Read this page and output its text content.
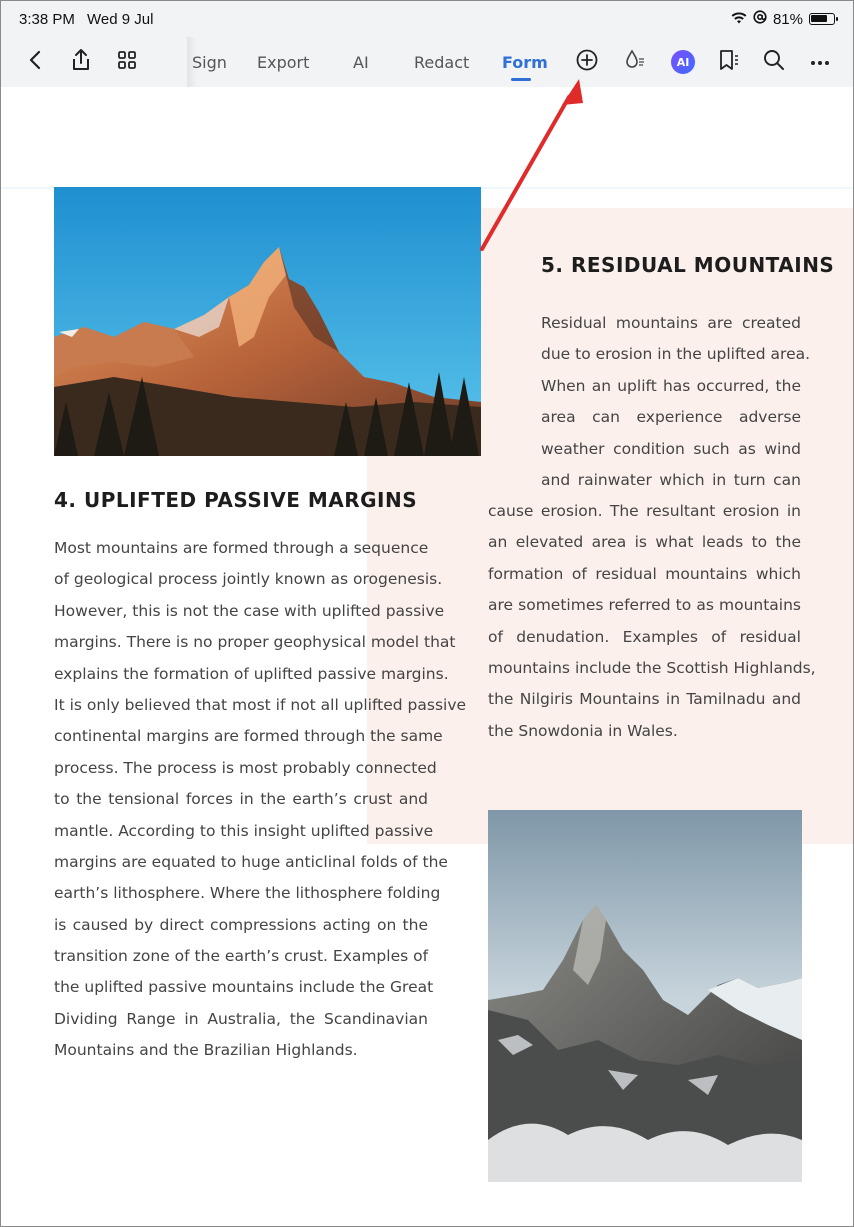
3:38 PM Wed 9 Jul	81%
Sign Export	AI	Redact Form	AI
4. UPLIFTED PASSIVE MARGINS
Most mountains are formed through a sequence
of geological process jointly known as orogenesis.
However, this is not the case with uplifted passive
margins. There is no proper geophysical model that
explains the formation of uplifted passive margins.
It is only believed that most if not all uplifted passive
continental margins are formed through the same
process. The process is most probably connected
to the tensional forces in the earth’s crust and
mantle. According to this insight uplifted passive
margins are equated to huge anticlinal folds of the
earth’s lithosphere. Where the lithosphere folding
is caused by direct compressions acting on the
transition zone of the earth’s crust. Examples of
the uplifted passive mountains include the Great
Dividing Range in Australia, the Scandinavian
Mountains and the Brazilian Highlands.
5. RESIDUAL MOUNTAINS
Residual mountains are created
due to erosion in the uplifted area.
When an uplift has occurred, the
area can experience adverse
weather condition such as wind
and rainwater which in turn can
cause erosion. The resultant erosion in
an elevated area is what leads to the
formation of residual mountains which
are sometimes referred to as mountains
of denudation. Examples of residual
mountains include the Scottish Highlands,
the Nilgiris Mountains in Tamilnadu and
the Snowdonia in Wales.
